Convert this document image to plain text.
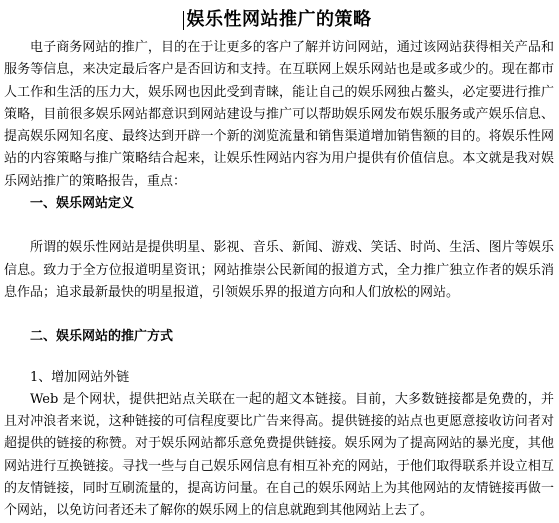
娱乐性网站推广的策略

电子商务网站的推广，目的在于让更多的客户了解并访问网站，通过该网站获得相关产品和服务等信息，来决定最后客户是否回访和支持。在互联网上娱乐网站也是或多或少的。现在都市人工作和生活的压力大，娱乐网也因此受到青睐，能让自己的娱乐网独占鳌头，必定要进行推广策略，目前很多娱乐网站都意识到网站建设与推广可以帮助娱乐网发布娱乐服务或产娱乐信息、提高娱乐网知名度、最终达到开辟一个新的浏览流量和销售渠道增加销售额的目的。将娱乐性网站的内容策略与推广策略结合起来，让娱乐性网站内容为用户提供有价值信息。本文就是我对娱乐网站推广的策略报告，重点：

一、娱乐网站定义

所谓的娱乐性网站是提供明星、影视、音乐、新闻、游戏、笑话、时尚、生活、图片等娱乐信息。致力于全方位报道明星资讯；网站推崇公民新闻的报道方式，全力推广独立作者的娱乐消息作品；追求最新最快的明星报道，引领娱乐界的报道方向和人们放松的网站。

二、娱乐网站的推广方式
1、增加网站外链

Web 是个网状，提供把站点关联在一起的超文本链接。目前，大多数链接都是免费的，并且对冲浪者来说，这种链接的可信程度要比广告来得高。提供链接的站点也更愿意接收访问者对超提供的链接的称赞。对于娱乐网站都乐意免费提供链接。娱乐网为了提高网站的暴光度，其他网站进行互换链接。寻找一些与自己娱乐网信息有相互补充的网站，于他们取得联系并设立相互的友情链接，同时互刷流量的，提高访问量。在自己的娱乐网站上为其他网站的友情链接再做一个网站，以免访问者还未了解你的娱乐网上的信息就跑到其他网站上去了。
